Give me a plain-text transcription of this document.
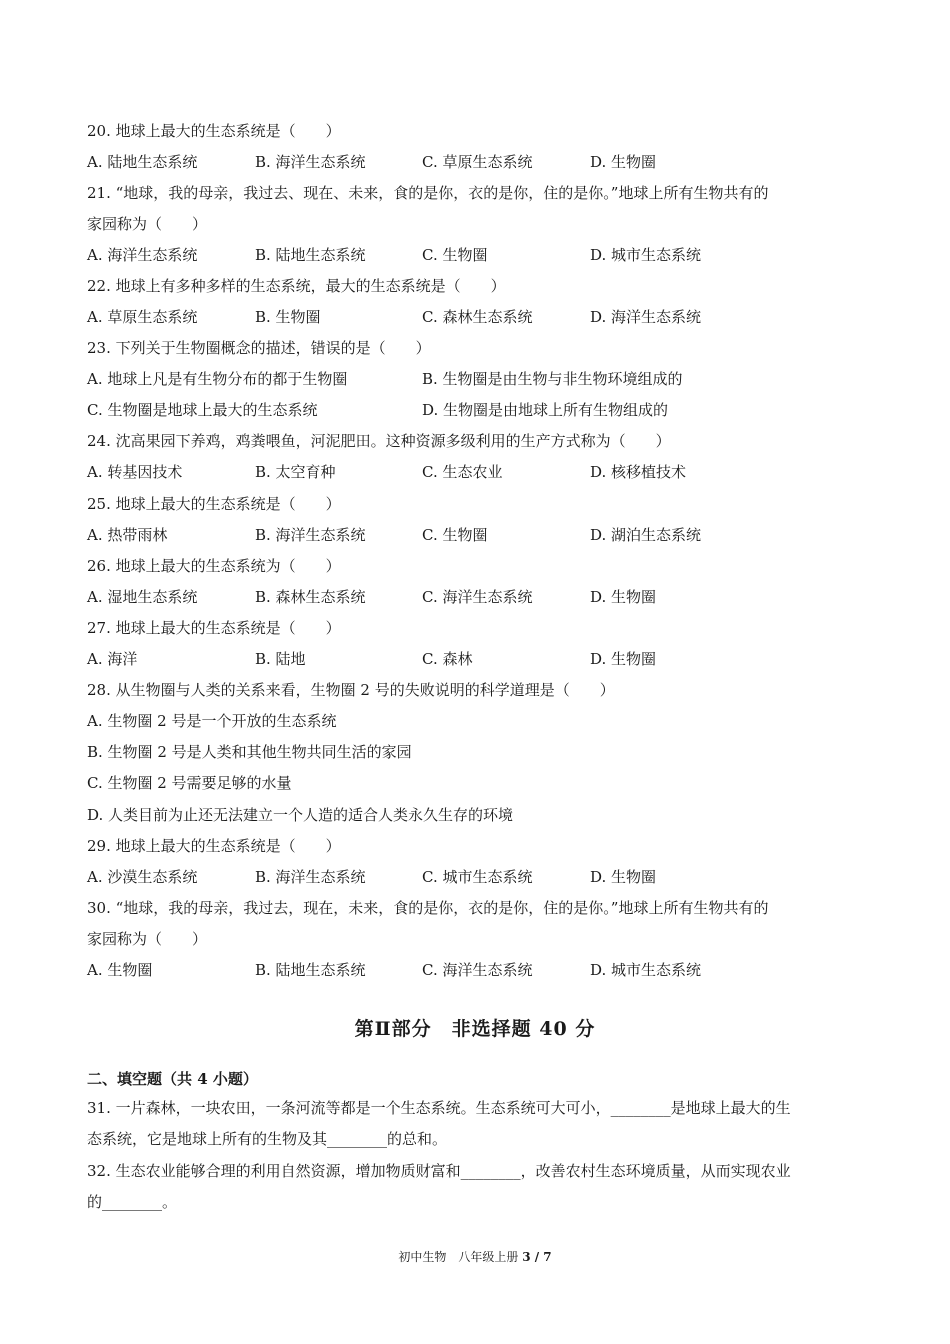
20. 地球上最大的生态系统是（　　）
A. 陆地生态系统	B. 海洋生态系统	C. 草原生态系统	D. 生物圈
21. “地球，我的母亲，我过去、现在、未来，食的是你，衣的是你，住的是你。”地球上所有生物共有的
家园称为（　　）
A. 海洋生态系统	B. 陆地生态系统	C. 生物圈	D. 城市生态系统
22. 地球上有多种多样的生态系统，最大的生态系统是（　　）
A. 草原生态系统	B. 生物圈	C. 森林生态系统	D. 海洋生态系统
23. 下列关于生物圈概念的描述，错误的是（　　）
A. 地球上凡是有生物分布的都于生物圈	B. 生物圈是由生物与非生物环境组成的
C. 生物圈是地球上最大的生态系统	D. 生物圈是由地球上所有生物组成的
24. 沈高果园下养鸡，鸡粪喂鱼，河泥肥田。这种资源多级利用的生产方式称为（　　）
A. 转基因技术	B. 太空育种	C. 生态农业	D. 核移植技术
25. 地球上最大的生态系统是（　　）
A. 热带雨林	B. 海洋生态系统	C. 生物圈	D. 湖泊生态系统
26. 地球上最大的生态系统为（　　）
A. 湿地生态系统	B. 森林生态系统	C. 海洋生态系统	D. 生物圈
27. 地球上最大的生态系统是（　　）
A. 海洋	B. 陆地	C. 森林	D. 生物圈
28. 从生物圈与人类的关系来看，生物圈 2 号的失败说明的科学道理是（　　）
A. 生物圈 2 号是一个开放的生态系统
B. 生物圈 2 号是人类和其他生物共同生活的家园
C. 生物圈 2 号需要足够的水量
D. 人类目前为止还无法建立一个人造的适合人类永久生存的环境
29. 地球上最大的生态系统是（　　）
A. 沙漠生态系统	B. 海洋生态系统	C. 城市生态系统	D. 生物圈
30. “地球，我的母亲，我过去，现在，未来，食的是你，衣的是你，住的是你。”地球上所有生物共有的
家园称为（　　）
A. 生物圈	B. 陆地生态系统	C. 海洋生态系统	D. 城市生态系统
第Ⅱ部分　非选择题 40 分
二、填空题（共 4 小题）
31. 一片森林，一块农田，一条河流等都是一个生态系统。生态系统可大可小，________是地球上最大的生
态系统，它是地球上所有的生物及其________的总和。
32. 生态农业能够合理的利用自然资源，增加物质财富和________，改善农村生态环境质量，从而实现农业
的________。
初中生物　八年级上册 3 / 7
